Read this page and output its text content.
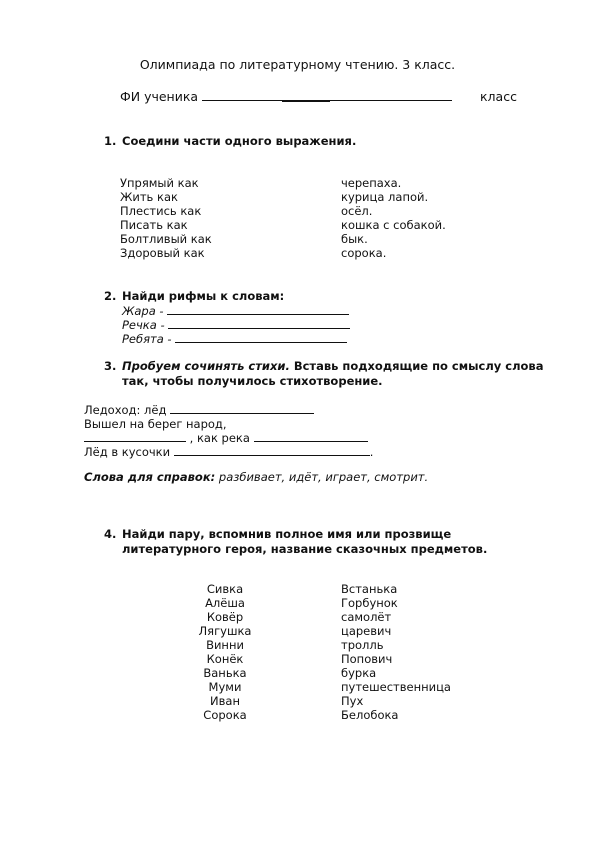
Олимпиада по литературному чтению. 3 класс.
ФИ ученика	класс
1. Соедини части одного выражения.
Упрямый как
Жить как
Плестись как
Писать как
Болтливый как
Здоровый как
черепаха.
курица лапой.
осёл.
кошка с собакой.
бык.
сорока.
2. Найди рифмы к словам:
Жара -
Речка -
Ребята -
3. Пробуем сочинять стихи. Вставь подходящие по смыслу слова
так, чтобы получилось стихотворение.
Ледоход: лёд
Вышел на берег народ,
, как река
Лёд в кусочки	.
Слова для справок: разбивает, идёт, играет, смотрит.
4. Найди пару, вспомнив полное имя или прозвище
литературного героя, название сказочных предметов.
Сивка
Алёша
Ковёр
Лягушка
Винни
Конёк
Ванька
Муми
Иван
Сорока
Встанька
Горбунок
самолёт
царевич
тролль
Попович
бурка
путешественница
Пух
Белобока
